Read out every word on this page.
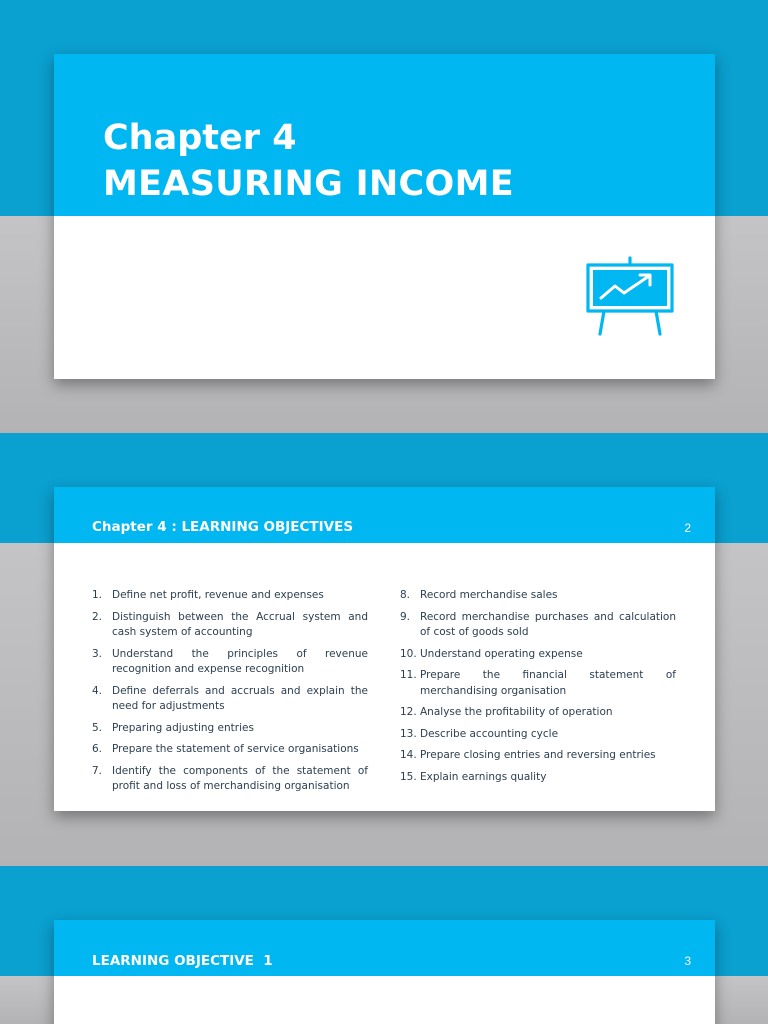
Chapter 4
MEASURING INCOME
Chapter 4 : LEARNING OBJECTIVES	2
1. Define net profit, revenue and expenses
2. Distinguish between the Accrual system and cash system of accounting
3. Understand the principles of revenue recognition and expense recognition
4. Define deferrals and accruals and explain the need for adjustments
5. Preparing adjusting entries
6. Prepare the statement of service organisations
7. Identify the components of the statement of profit and loss of merchandising organisation
8. Record merchandise sales
9. Record merchandise purchases and calculation of cost of goods sold
10. Understand operating expense
11. Prepare the financial statement of merchandising organisation
12. Analyse the profitability of operation
13. Describe accounting cycle
14. Prepare closing entries and reversing entries
15. Explain earnings quality
LEARNING OBJECTIVE  1	3
